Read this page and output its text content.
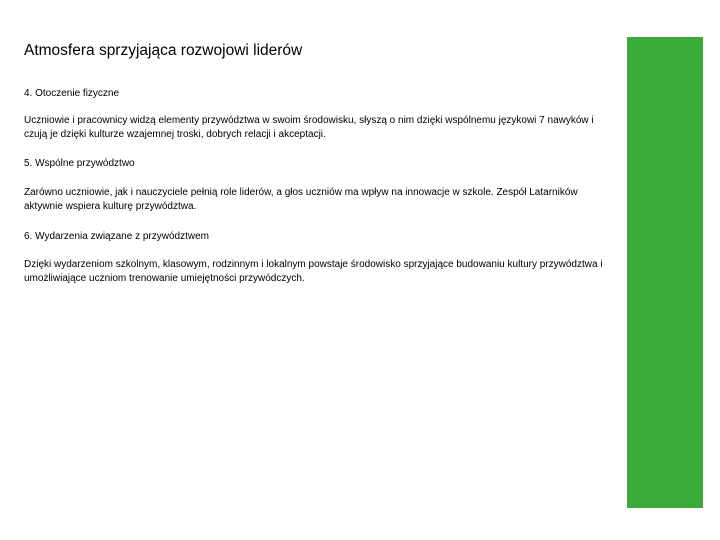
Atmosfera sprzyjająca rozwojowi liderów
4. Otoczenie fizyczne
Uczniowie i pracownicy widzą elementy przywództwa w swoim środowisku, słyszą o nim dzięki wspólnemu językowi 7 nawyków i czują je dzięki kulturze wzajemnej troski, dobrych relacji i akceptacji.
5. Wspólne przywództwo
Zarówno uczniowie, jak i nauczyciele pełnią role liderów, a głos uczniów ma wpływ na innowacje w szkole. Zespół Latarników aktywnie wspiera kulturę przywództwa.
6. Wydarzenia związane z przywództwem
Dzięki wydarzeniom szkolnym, klasowym, rodzinnym i lokalnym powstaje środowisko sprzyjające budowaniu kultury przywództwa i umożliwiające uczniom trenowanie umiejętności przywódczych.
